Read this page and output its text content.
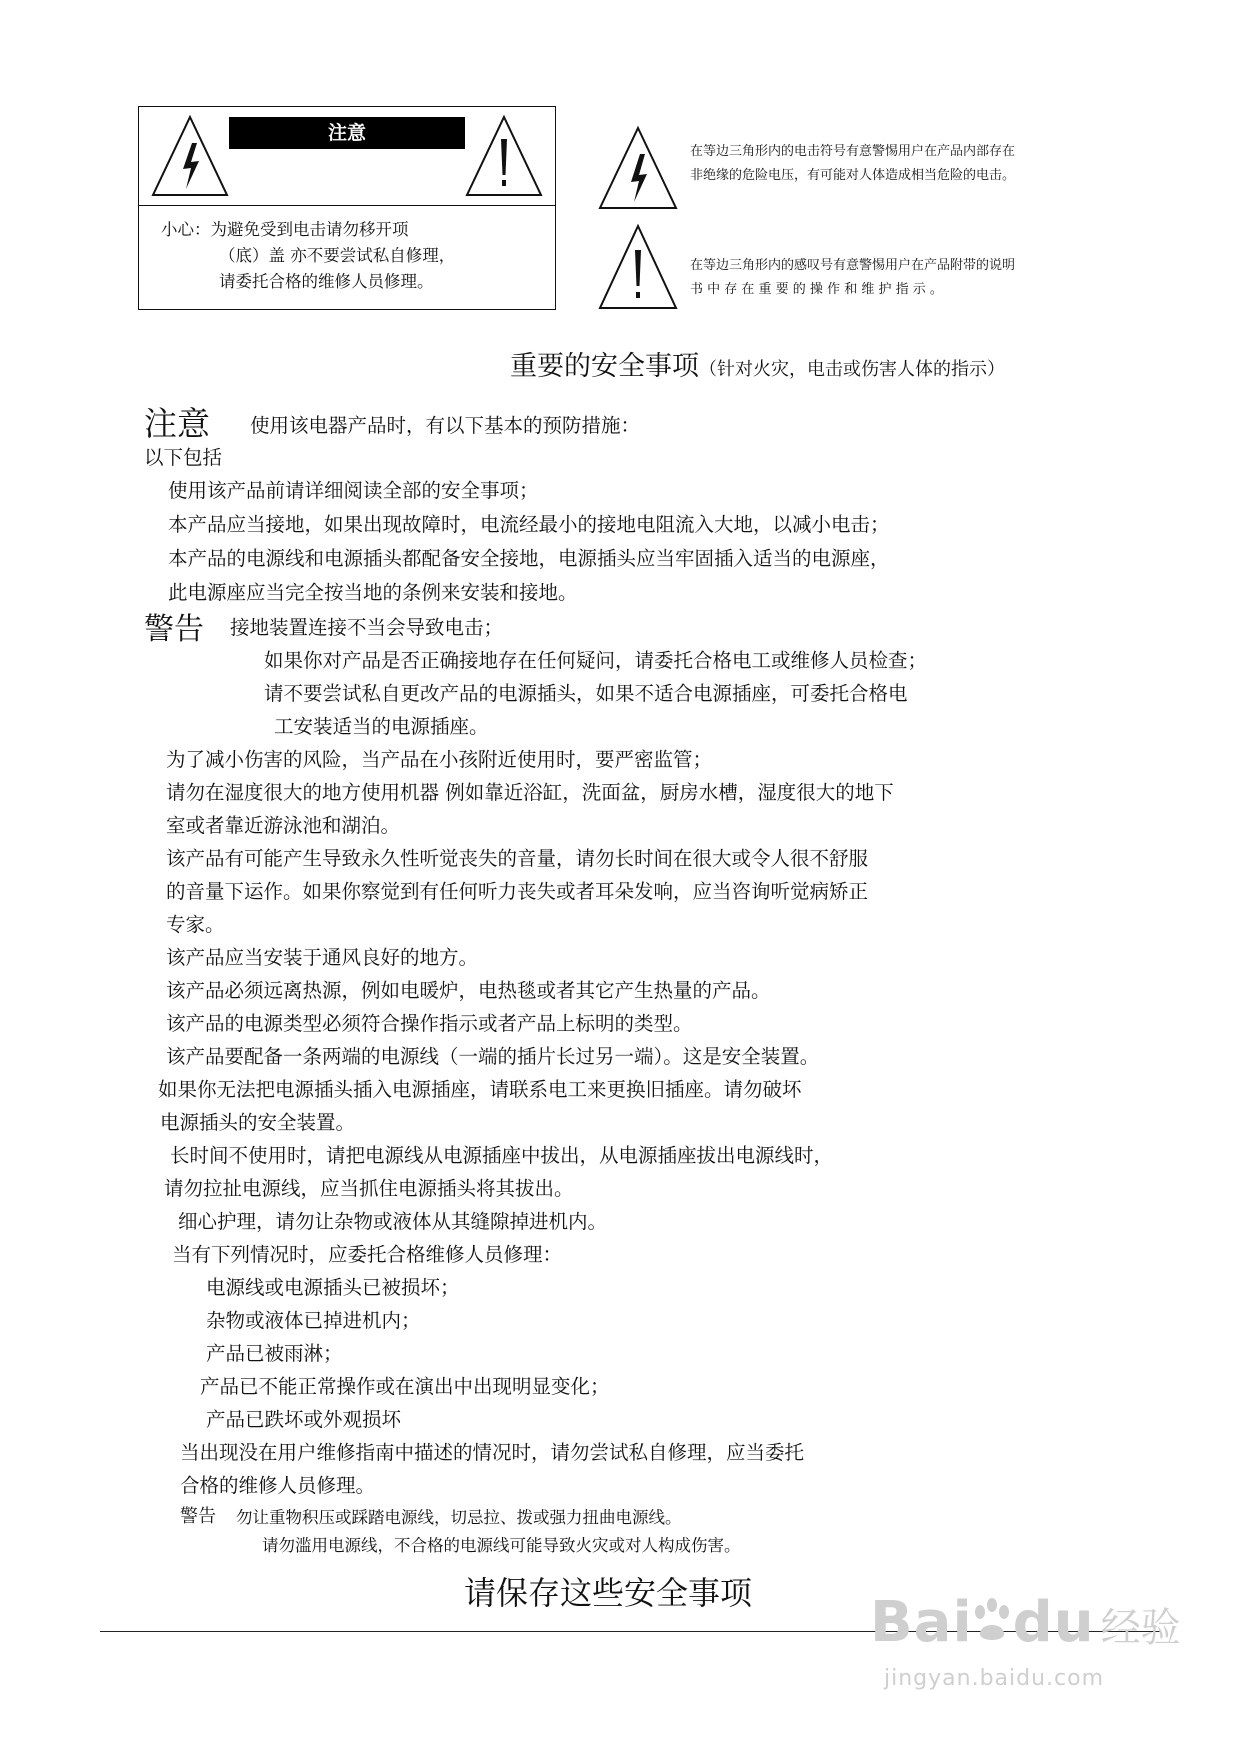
注意
小心：为避免受到电击请勿移开项
（底）盖 亦不要尝试私自修理，
请委托合格的维修人员修理。
在等边三角形内的电击符号有意警惕用户在产品内部存在
非绝缘的危险电压，有可能对人体造成相当危险的电击。
在等边三角形内的感叹号有意警惕用户在产品附带的说明
书 中 存 在 重 要 的 操 作 和 维 护 指 示 。
重要的安全事项（针对火灾，电击或伤害人体的指示）
注意 使用该电器产品时，有以下基本的预防措施：
以下包括
使用该产品前请详细阅读全部的安全事项；
本产品应当接地，如果出现故障时，电流经最小的接地电阻流入大地，以减小电击；
本产品的电源线和电源插头都配备安全接地，电源插头应当牢固插入适当的电源座，
此电源座应当完全按当地的条例来安装和接地。
警告 接地装置连接不当会导致电击；
如果你对产品是否正确接地存在任何疑问，请委托合格电工或维修人员检查；
请不要尝试私自更改产品的电源插头，如果不适合电源插座，可委托合格电
工安装适当的电源插座。
为了减小伤害的风险，当产品在小孩附近使用时，要严密监管；
请勿在湿度很大的地方使用机器 例如靠近浴缸，洗面盆，厨房水槽，湿度很大的地下
室或者靠近游泳池和湖泊。
该产品有可能产生导致永久性听觉丧失的音量，请勿长时间在很大或令人很不舒服
的音量下运作。如果你察觉到有任何听力丧失或者耳朵发响，应当咨询听觉病矫正
专家。
该产品应当安装于通风良好的地方。
该产品必须远离热源，例如电暖炉，电热毯或者其它产生热量的产品。
该产品的电源类型必须符合操作指示或者产品上标明的类型。
该产品要配备一条两端的电源线（一端的插片长过另一端）。这是安全装置。
如果你无法把电源插头插入电源插座，请联系电工来更换旧插座。请勿破坏
电源插头的安全装置。
长时间不使用时，请把电源线从电源插座中拔出，从电源插座拔出电源线时，
请勿拉扯电源线，应当抓住电源插头将其拔出。
细心护理，请勿让杂物或液体从其缝隙掉进机内。
当有下列情况时，应委托合格维修人员修理：
电源线或电源插头已被损坏；
杂物或液体已掉进机内；
产品已被雨淋；
产品已不能正常操作或在演出中出现明显变化；
产品已跌坏或外观损坏
当出现没在用户维修指南中描述的情况时，请勿尝试私自修理，应当委托
合格的维修人员修理。
警告 勿让重物积压或踩踏电源线，切忌拉、拨或强力扭曲电源线。
请勿滥用电源线，不合格的电源线可能导致火灾或对人构成伤害。
请保存这些安全事项 Bai du 经验
jingyan.baidu.com
